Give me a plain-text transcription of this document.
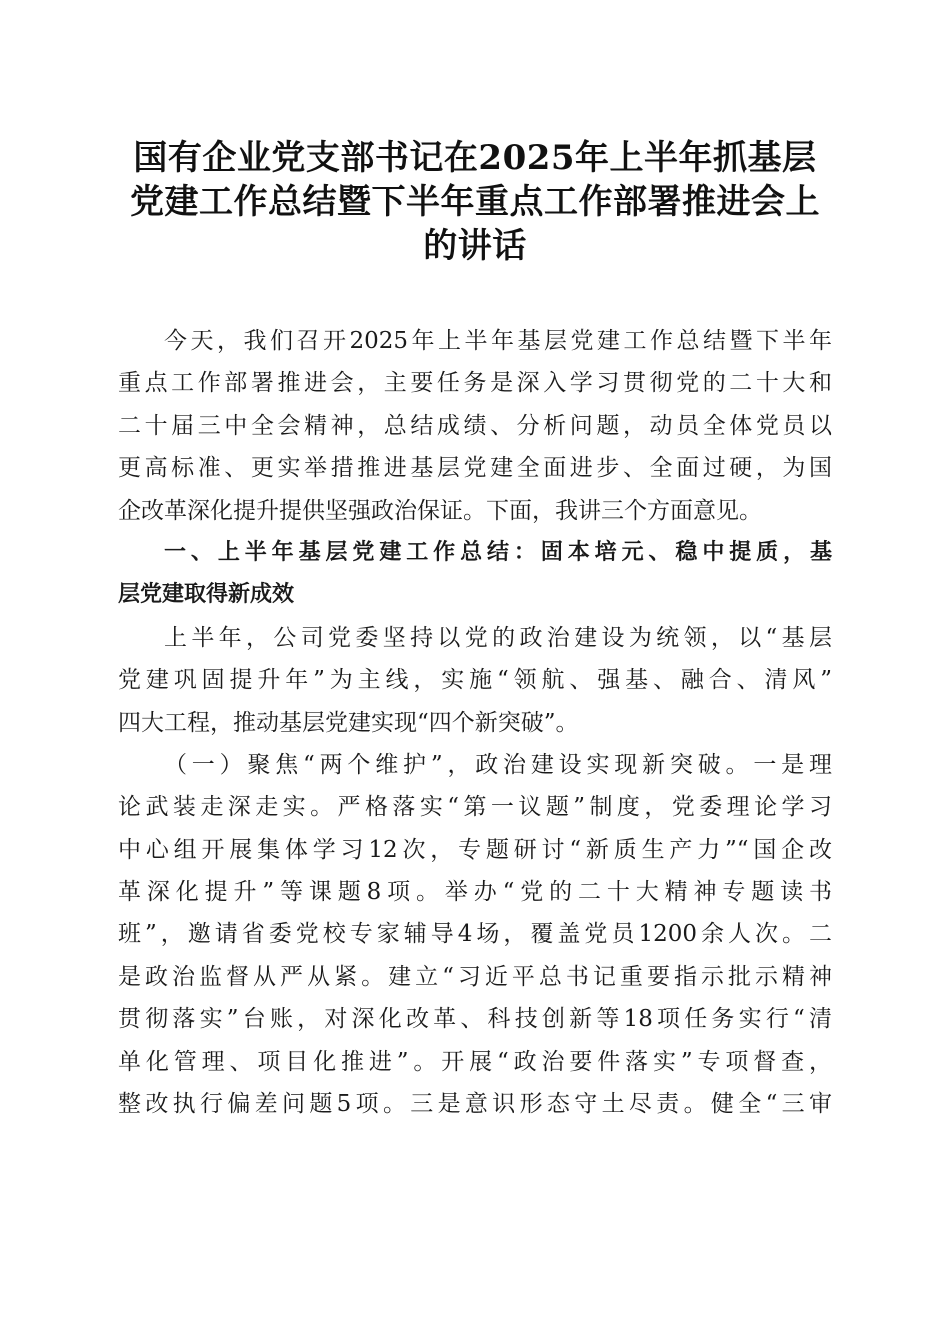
国有企业党支部书记在2025年上半年抓基层
党建工作总结暨下半年重点工作部署推进会上
的讲话
今天，我们召开2025年上半年基层党建工作总结暨下半年
重点工作部署推进会，主要任务是深入学习贯彻党的二十大和
二十届三中全会精神，总结成绩、分析问题，动员全体党员以
更高标准、更实举措推进基层党建全面进步、全面过硬，为国
企改革深化提升提供坚强政治保证。下面，我讲三个方面意见。
一、上半年基层党建工作总结：固本培元、稳中提质，基
层党建取得新成效
上半年，公司党委坚持以党的政治建设为统领，以“基层
党建巩固提升年”为主线，实施“领航、强基、融合、清风”
四大工程，推动基层党建实现“四个新突破”。
（一）聚焦“两个维护”，政治建设实现新突破。一是理
论武装走深走实。严格落实“第一议题”制度，党委理论学习
中心组开展集体学习12次，专题研讨“新质生产力”“国企改
革深化提升”等课题8项。举办“党的二十大精神专题读书
班”，邀请省委党校专家辅导4场，覆盖党员1200余人次。二
是政治监督从严从紧。建立“习近平总书记重要指示批示精神
贯彻落实”台账，对深化改革、科技创新等18项任务实行“清
单化管理、项目化推进”。开展“政治要件落实”专项督查，
整改执行偏差问题5项。三是意识形态守土尽责。健全“三审
